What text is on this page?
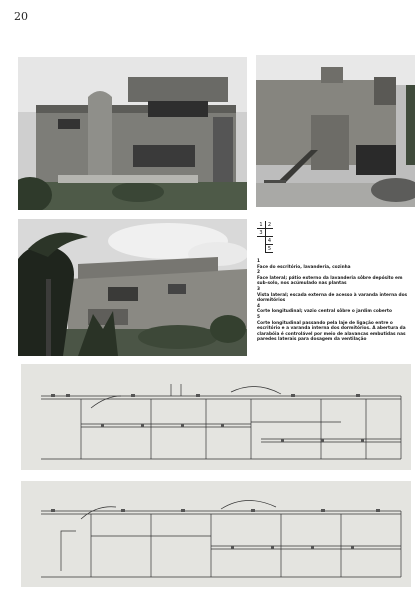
20
1	2
3
4
5
1
Face do escritório, lavanderia, cozinha
2
Face lateral; pátio externo da lavanderia sôbre depósito em sub-solo, nos acúmulado nas plantas
3
Vista lateral; escada externa de acesso à varanda interna dos dormitórios
4
Corte longitudinal; vazio central sôbre o jardim coberto
5
Corte longitudinal passando pela laje de ligação entre o escritório e a varanda interna dos dormitórios. A abertura da clarabóia é controlável por meio de alavancas embutidas nas paredes laterais para dosagem da ventilação
